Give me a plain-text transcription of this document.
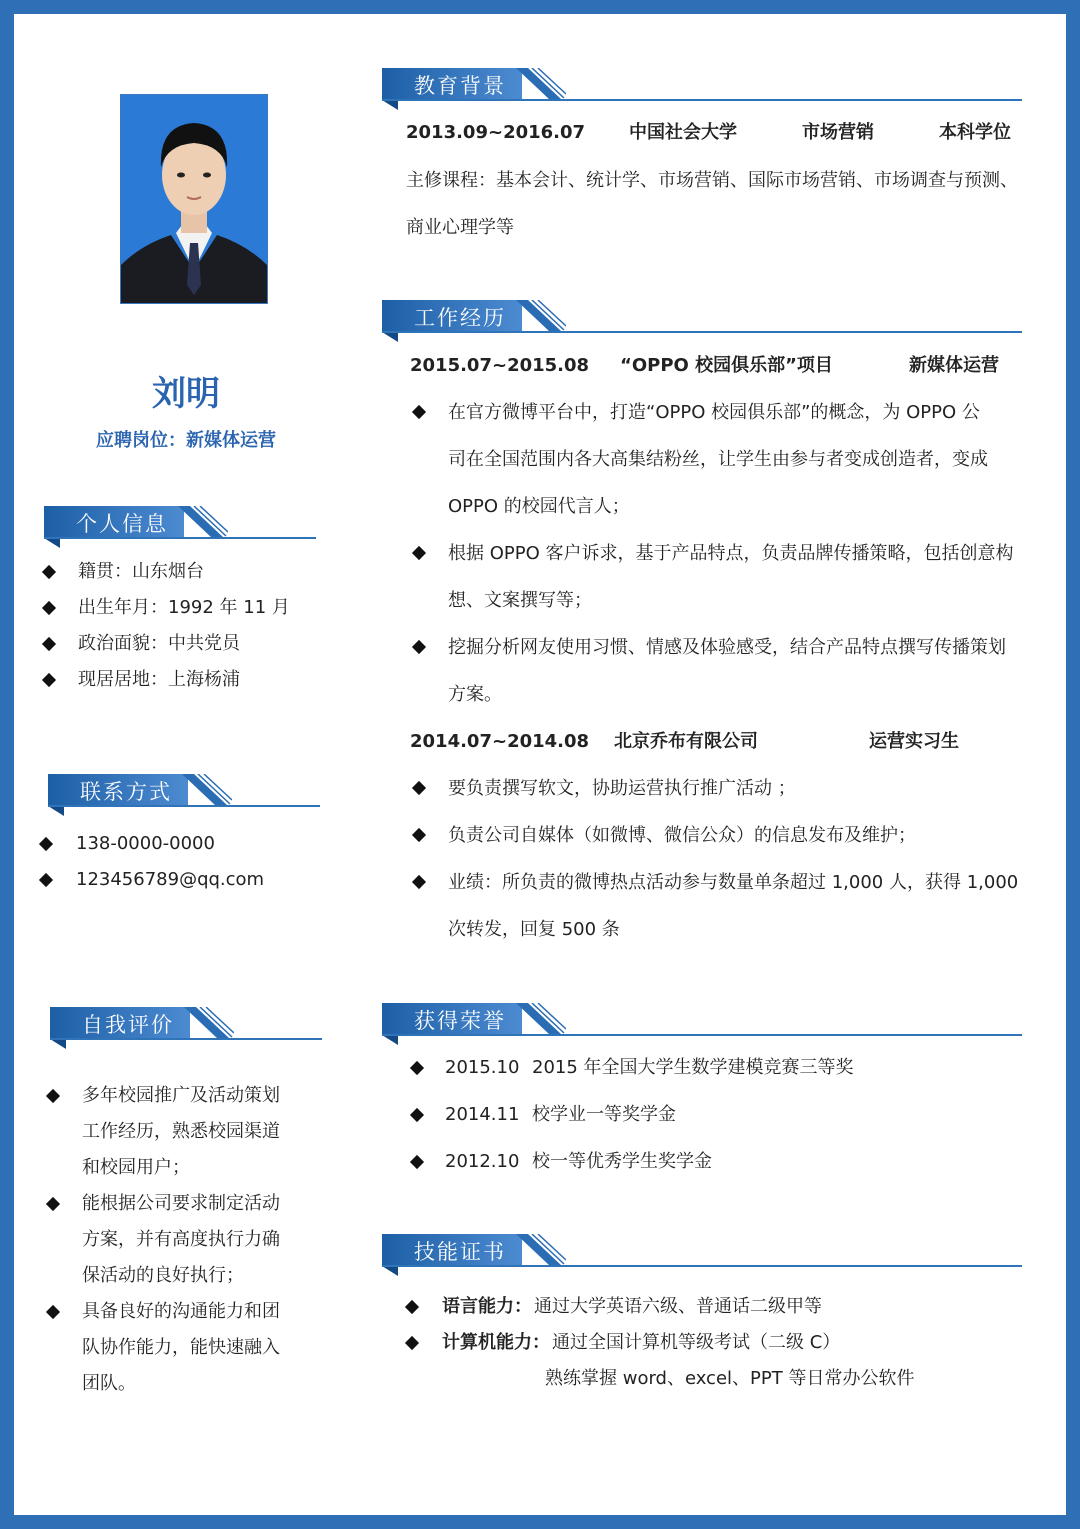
刘明
应聘岗位：新媒体运营
个人信息
籍贯：山东烟台
出生年月：1992 年 11 月
政治面貌：中共党员
现居居地：上海杨浦
联系方式
138-0000-0000
123456789@qq.com
自我评价
多年校园推广及活动策划
工作经历，熟悉校园渠道
和校园用户；
能根据公司要求制定活动
方案，并有高度执行力确
保活动的良好执行；
具备良好的沟通能力和团
队协作能力，能快速融入
团队。
教育背景
2013.09~2016.07 中国社会大学	市场营销	本科学位
主修课程：基本会计、统计学、市场营销、国际市场营销、市场调查与预测、
商业心理学等
工作经历
2015.07~2015.08 “OPPO 校园俱乐部”项目	新媒体运营
在官方微博平台中，打造“OPPO 校园俱乐部”的概念，为 OPPO 公
司在全国范围内各大高集结粉丝，让学生由参与者变成创造者，变成
OPPO 的校园代言人；
根据 OPPO 客户诉求，基于产品特点，负责品牌传播策略，包括创意构
想、文案撰写等；
挖掘分析网友使用习惯、情感及体验感受，结合产品特点撰写传播策划
方案。
2014.07~2014.08 北京乔布有限公司	运营实习生
要负责撰写软文，协助运营执行推广活动 ；
负责公司自媒体（如微博、微信公众）的信息发布及维护；
业绩：所负责的微博热点活动参与数量单条超过 1,000 人，获得 1,000
次转发，回复 500 条
获得荣誉
2015.10 2015 年全国大学生数学建模竞赛三等奖
2014.11 校学业一等奖学金
2012.10 校一等优秀学生奖学金
技能证书
语言能力： 通过大学英语六级、普通话二级甲等
计算机能力： 通过全国计算机等级考试（二级 C）
熟练掌握 word、excel、PPT 等日常办公软件
